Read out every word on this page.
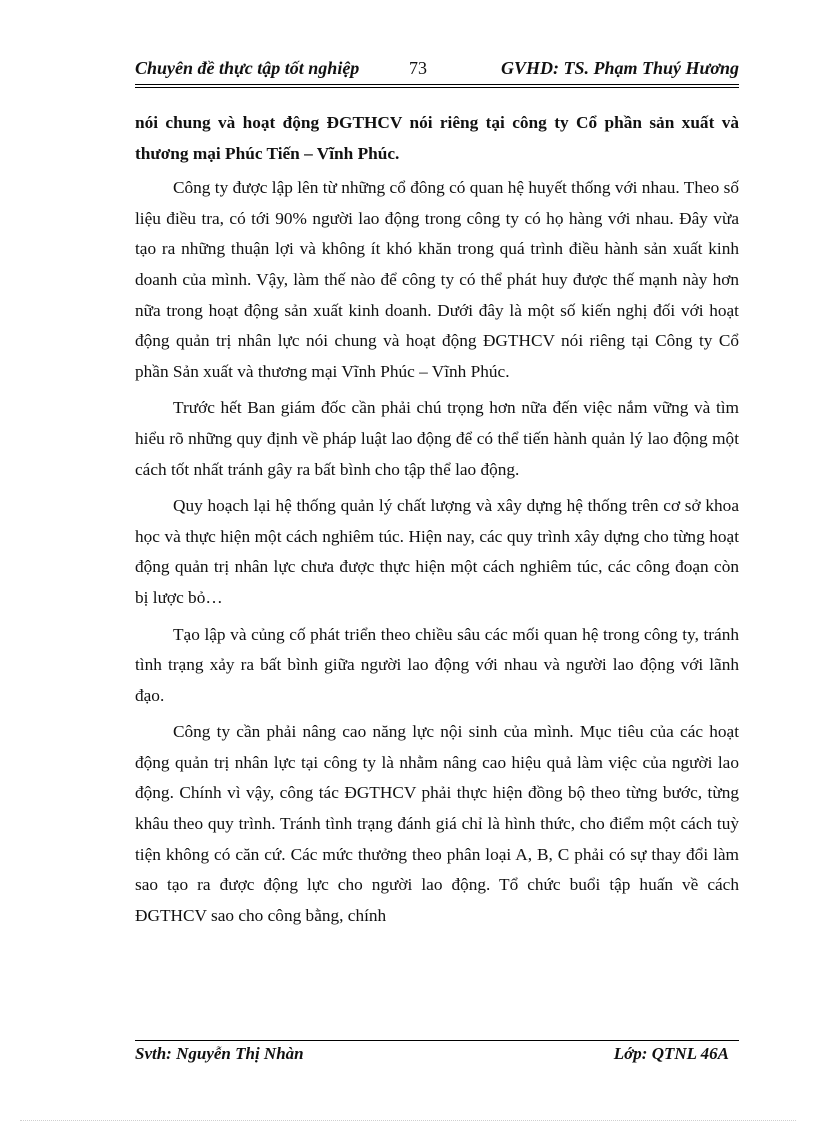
Chuyên đề thực tập tốt nghiệp	73	GVHD: TS. Phạm Thuý Hương

nói chung và hoạt động ĐGTHCV nói riêng tại công ty Cổ phần sản xuất và thương mại Phúc Tiến – Vĩnh Phúc.

Công ty được lập lên từ những cổ đông có quan hệ huyết thống với nhau. Theo số liệu điều tra, có tới 90% người lao động trong công ty có họ hàng với nhau. Đây vừa tạo ra những thuận lợi và không ít khó khăn trong quá trình điều hành sản xuất kinh doanh của mình. Vậy, làm thế nào để công ty có thể phát huy được thế mạnh này hơn nữa trong hoạt động sản xuất kinh doanh. Dưới đây là một số kiến nghị đối với hoạt động quản trị nhân lực nói chung và hoạt động ĐGTHCV nói riêng tại Công ty Cổ phần Sản xuất và thương mại Vĩnh Phúc – Vĩnh Phúc.

Trước hết Ban giám đốc cần phải chú trọng hơn nữa đến việc nắm vững và tìm hiểu rõ những quy định về pháp luật lao động để có thể tiến hành quản lý lao động một cách tốt nhất tránh gây ra bất bình cho tập thể lao động.

Quy hoạch lại hệ thống quản lý chất lượng và xây dựng hệ thống trên cơ sở khoa học và thực hiện một cách nghiêm túc. Hiện nay, các quy trình xây dựng cho từng hoạt động quản trị nhân lực chưa được thực hiện một cách nghiêm túc, các công đoạn còn bị lược bỏ…

Tạo lập và củng cố phát triển theo chiều sâu các mối quan hệ trong công ty, tránh tình trạng xảy ra bất bình giữa người lao động với nhau và người lao động với lãnh đạo.

Công ty cần phải nâng cao năng lực nội sinh của mình. Mục tiêu của các hoạt động quản trị nhân lực tại công ty là nhằm nâng cao hiệu quả làm việc của người lao động. Chính vì vậy, công tác ĐGTHCV phải thực hiện đồng bộ theo từng bước, từng khâu theo quy trình. Tránh tình trạng đánh giá chỉ là hình thức, cho điểm một cách tuỳ tiện không có căn cứ. Các mức thưởng theo phân loại A, B, C phải có sự thay đổi làm sao tạo ra được động lực cho người lao động. Tổ chức buổi tập huấn về cách ĐGTHCV sao cho công bằng, chính

Svth: Nguyễn Thị Nhàn	Lớp: QTNL 46A
